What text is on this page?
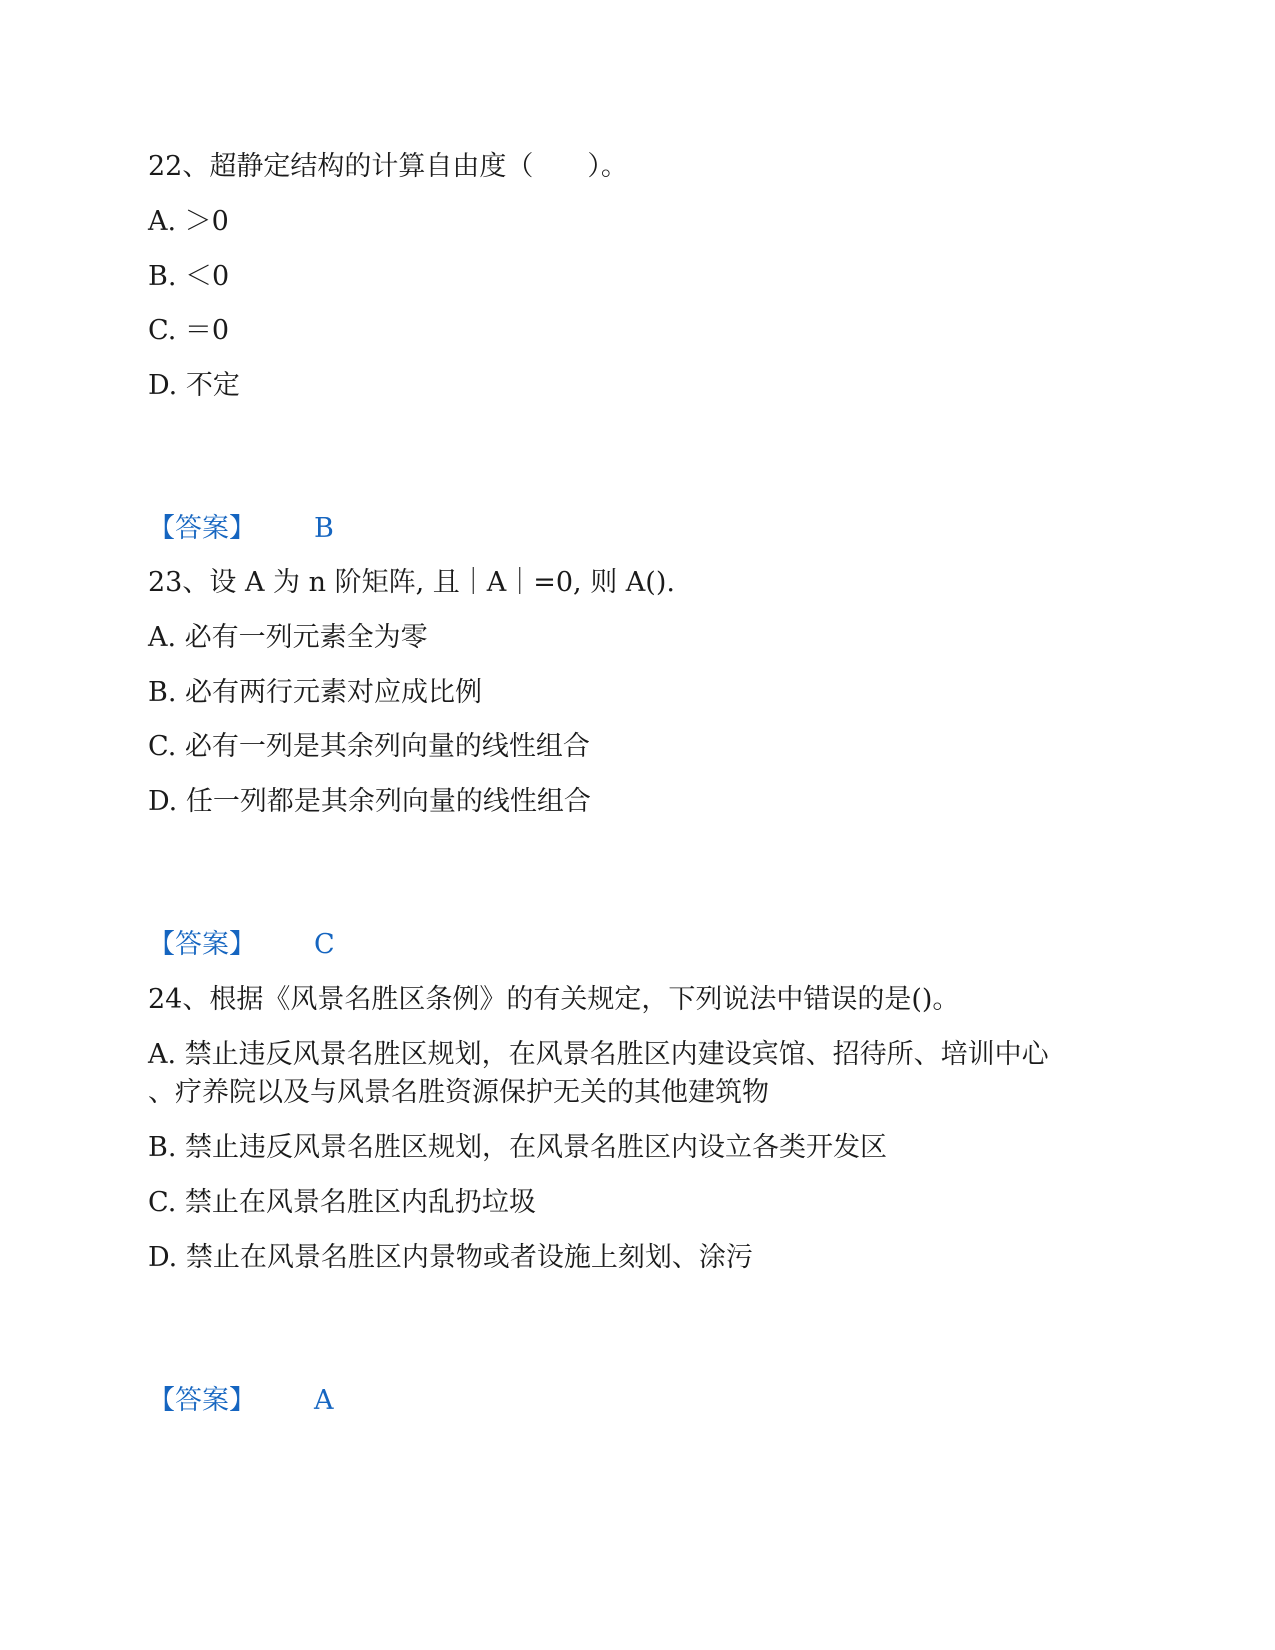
22、超静定结构的计算自由度（　　）。
A. ＞0
B. ＜0
C. ＝0
D. 不定
【答案】 B
23、设 A 为 n 阶矩阵, 且｜A｜=0, 则 A().
A. 必有一列元素全为零
B. 必有两行元素对应成比例
C. 必有一列是其余列向量的线性组合
D. 任一列都是其余列向量的线性组合
【答案】 C
24、根据《风景名胜区条例》的有关规定，下列说法中错误的是()。
A. 禁止违反风景名胜区规划，在风景名胜区内建设宾馆、招待所、培训中心
、疗养院以及与风景名胜资源保护无关的其他建筑物
B. 禁止违反风景名胜区规划，在风景名胜区内设立各类开发区
C. 禁止在风景名胜区内乱扔垃圾
D. 禁止在风景名胜区内景物或者设施上刻划、涂污
【答案】 A
